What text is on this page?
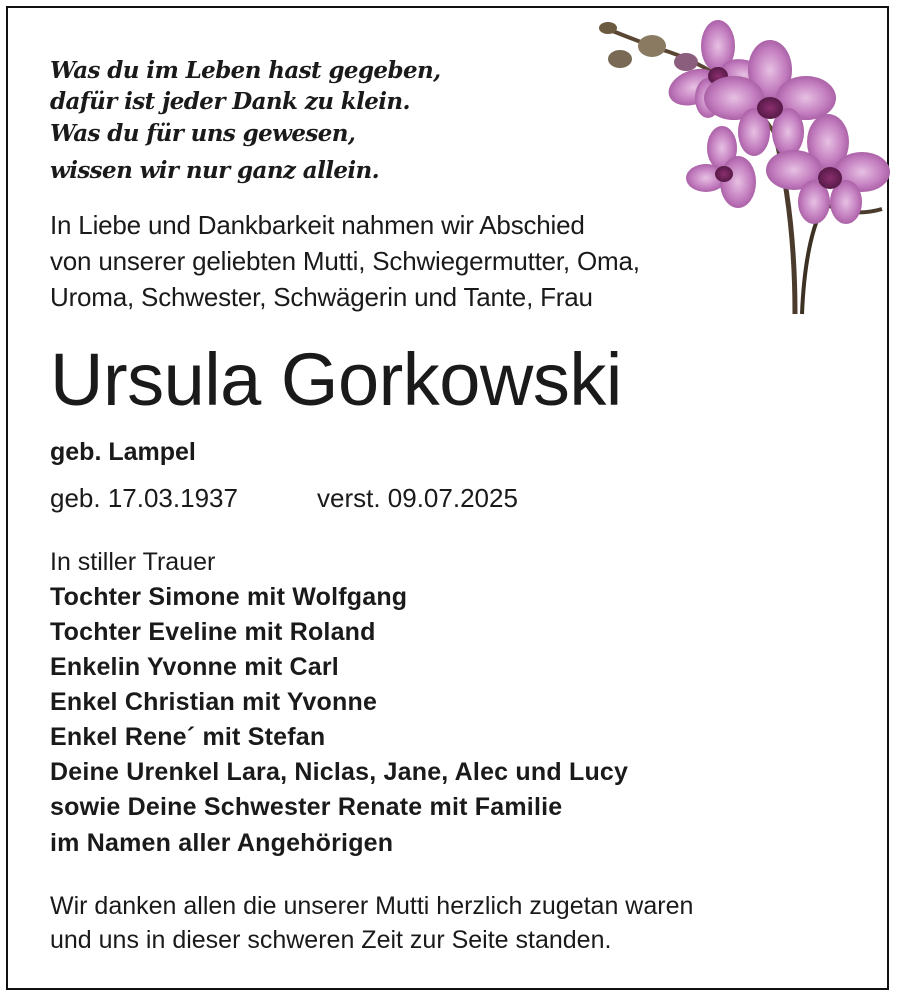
Was du im Leben hast gegeben,
dafür ist jeder Dank zu klein.
Was du für uns gewesen,
wissen wir nur ganz allein.
In Liebe und Dankbarkeit nahmen wir Abschied
von unserer geliebten Mutti, Schwiegermutter, Oma,
Uroma, Schwester, Schwägerin und Tante, Frau
Ursula Gorkowski
geb. Lampel
geb. 17.03.1937	verst. 09.07.2025
In stiller Trauer
Tochter Simone mit Wolfgang
Tochter Eveline mit Roland
Enkelin Yvonne mit Carl
Enkel Christian mit Yvonne
Enkel Rene´ mit Stefan
Deine Urenkel Lara, Niclas, Jane, Alec und Lucy
sowie Deine Schwester Renate mit Familie
im Namen aller Angehörigen
Wir danken allen die unserer Mutti herzlich zugetan waren
und uns in dieser schweren Zeit zur Seite standen.
